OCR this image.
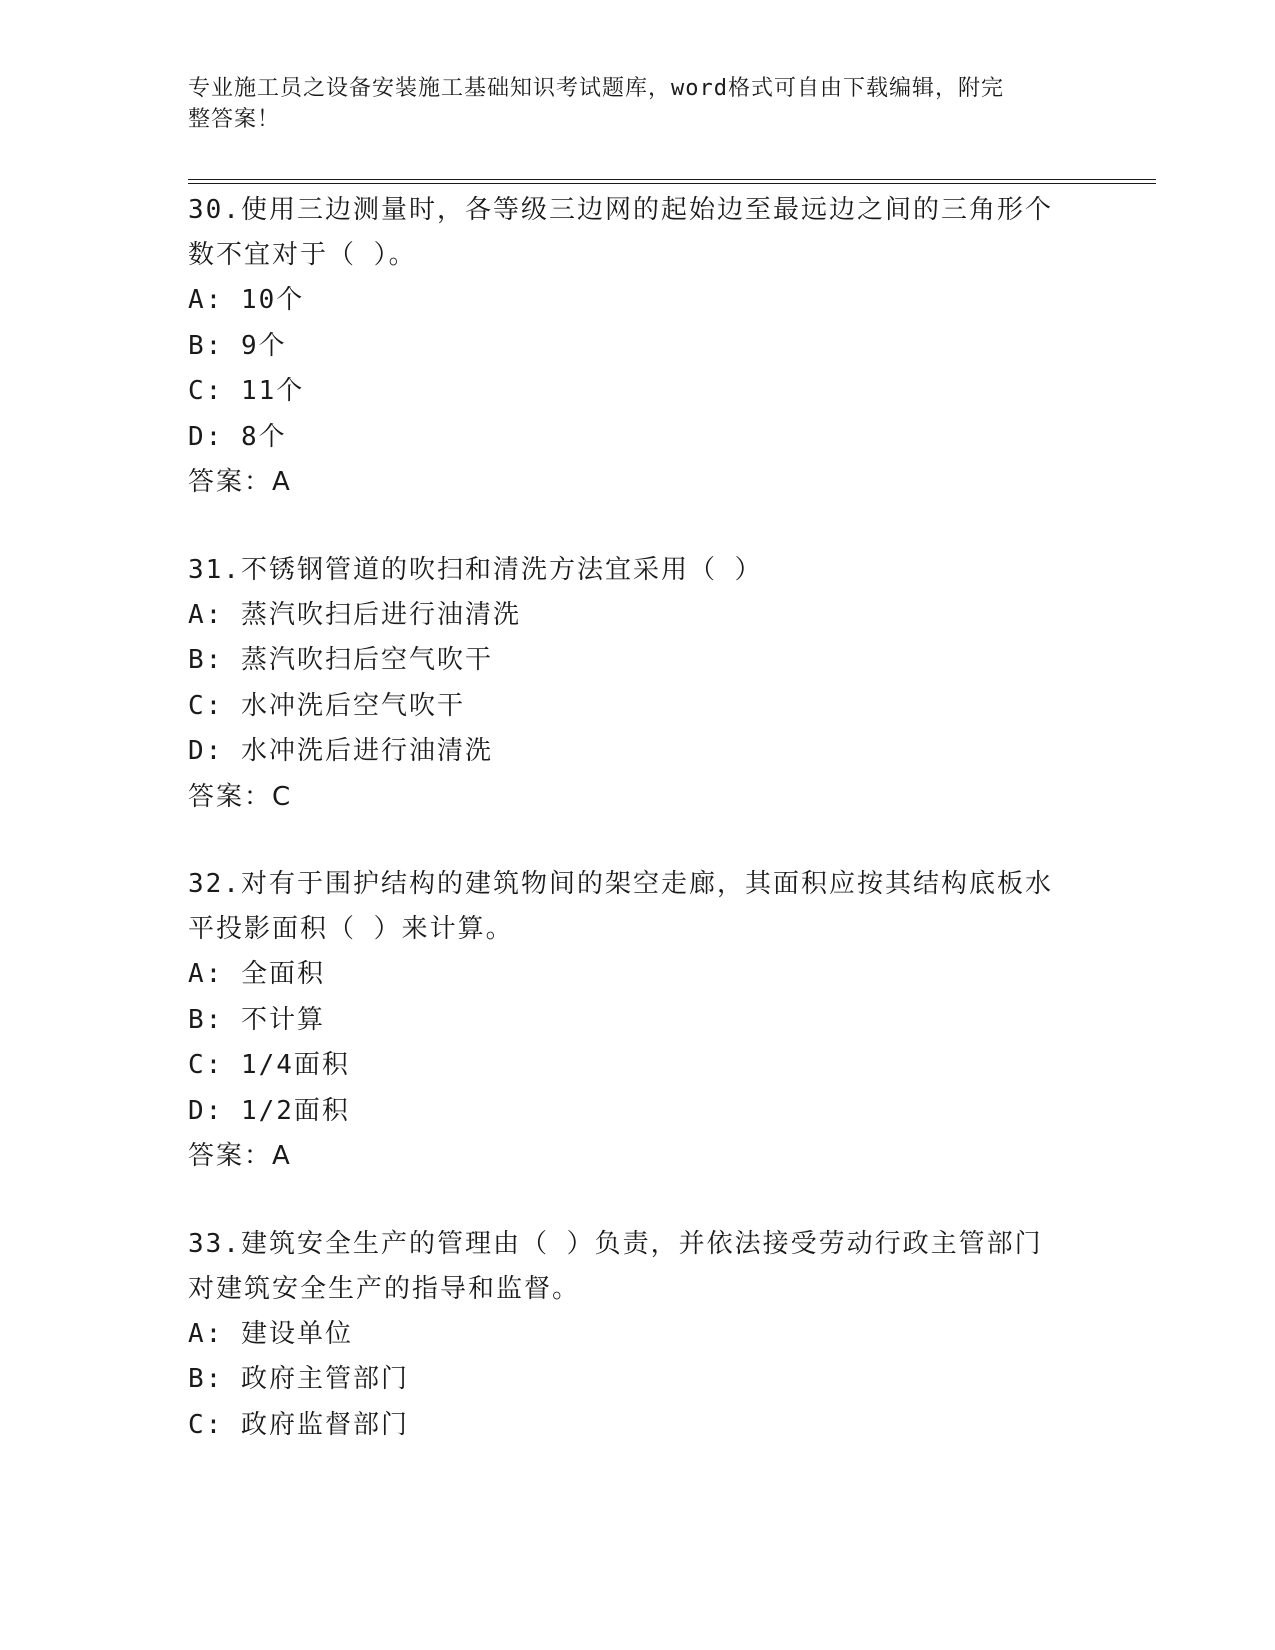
专业施工员之设备安装施工基础知识考试题库，word格式可自由下载编辑，附完
整答案！

30.使用三边测量时，各等级三边网的起始边至最远边之间的三角形个

数不宜对于（ ）。

A: 10个

B: 9个

C: 11个

D: 8个

答案：A

31.不锈钢管道的吹扫和清洗方法宜采用（ ）

A: 蒸汽吹扫后进行油清洗

B: 蒸汽吹扫后空气吹干

C: 水冲洗后空气吹干

D: 水冲洗后进行油清洗

答案：C

32.对有于围护结构的建筑物间的架空走廊，其面积应按其结构底板水

平投影面积（ ）来计算。

A: 全面积

B: 不计算

C: 1/4面积

D: 1/2面积

答案：A

33.建筑安全生产的管理由（ ）负责，并依法接受劳动行政主管部门

对建筑安全生产的指导和监督。

A: 建设单位

B: 政府主管部门

C: 政府监督部门
